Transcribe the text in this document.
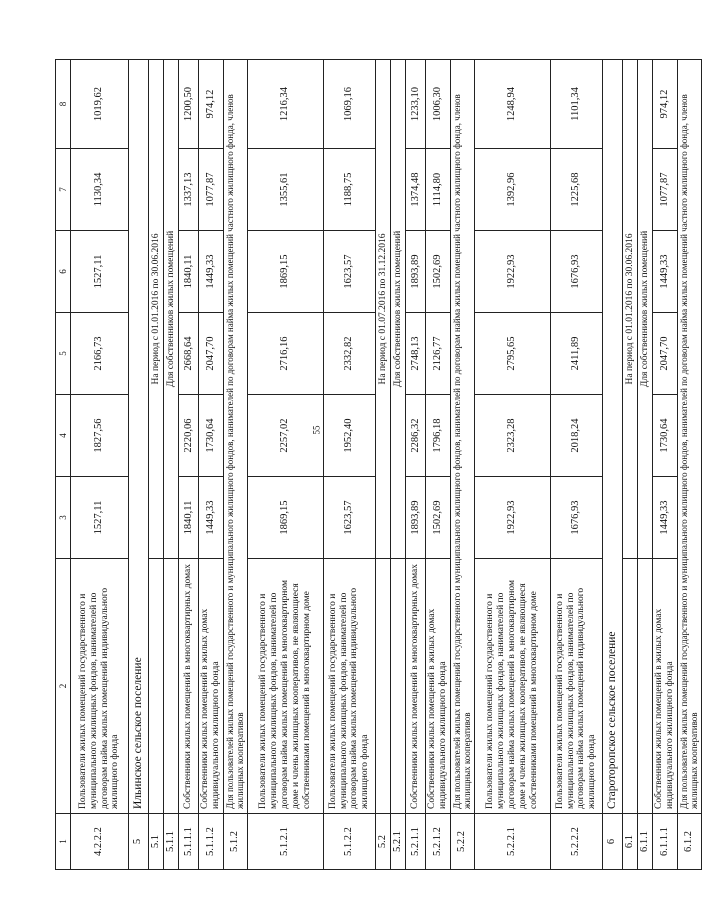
55
1	2	3	4	5	6	7	8
4.2.2.2	Пользователи жилых помещений государственного и муниципального жилищных фондов, нанимателей по договорам найма жилых помещений индивидуального жилищного фонда	1527,11	1827,56	2166,73	1527,11	1130,34	1019,62
5	Ильинское сельское поселение						
5.1		На период с 01.01.2016 по 30.06.2016					
5.1.1		Для собственников жилых помещений					
5.1.1.1	Собственники жилых помещений в многоквартирных домах	1840,11	2220,06	2668,64	1840,11	1337,13	1200,50
5.1.1.2	Собственники жилых помещений в жилых домах индивидуального жилищного фонда	1449,33	1730,64	2047,70	1449,33	1077,87	974,12
5.1.2	Для пользователей жилых помещений государственного и муниципального жилищного фондов, нанимателей по договорам найма жилых помещений частного жилищного фонда, членов жилищных кооперативов						
5.1.2.1	Пользователи жилых помещений государственного и муниципального жилищных фондов, нанимателей по договорам найма жилых помещений в многоквартирном доме и члены жилищных кооперативов, не являющиеся собственниками помещений в многоквартирном доме	1869,15	2257,02	2716,16	1869,15	1355,61	1216,34
5.1.2.2	Пользователи жилых помещений государственного и муниципального жилищных фондов, нанимателей по договорам найма жилых помещений индивидуального жилищного фонда	1623,57	1952,40	2332,82	1623,57	1188,75	1069,16
5.2		На период с 01.07.2016 по 31.12.2016					
5.2.1		Для собственников жилых помещений					
5.2.1.1	Собственники жилых помещений в многоквартирных домах	1893,89	2286,32	2748,13	1893,89	1374,48	1233,10
5.2.1.2	Собственники жилых помещений в жилых домах индивидуального жилищного фонда	1502,69	1796,18	2126,77	1502,69	1114,80	1006,30
5.2.2	Для пользователей жилых помещений государственного и муниципального жилищного фондов, нанимателей по договорам найма жилых помещений частного жилищного фонда, членов жилищных кооперативов						
5.2.2.1	Пользователи жилых помещений государственного и муниципального жилищных фондов, нанимателей по договорам найма жилых помещений в многоквартирном доме и члены жилищных кооперативов, не являющиеся собственниками помещений в многоквартирном доме	1922,93	2323,28	2795,65	1922,93	1392,96	1248,94
5.2.2.2	Пользователи жилых помещений государственного и муниципального жилищных фондов, нанимателей по договорам найма жилых помещений индивидуального жилищного фонда	1676,93	2018,24	2411,89	1676,93	1225,68	1101,34
6	Староторопское сельское поселение						
6.1		На период с 01.01.2016 по 30.06.2016					
6.1.1		Для собственников жилых помещений					
6.1.1.1	Собственники жилых помещений в жилых домах индивидуального жилищного фонда	1449,33	1730,64	2047,70	1449,33	1077,87	974,12
6.1.2	Для пользователей жилых помещений государственного и муниципального жилищного фондов, нанимателей по договорам найма жилых помещений частного жилищного фонда, членов жилищных кооперативов						
